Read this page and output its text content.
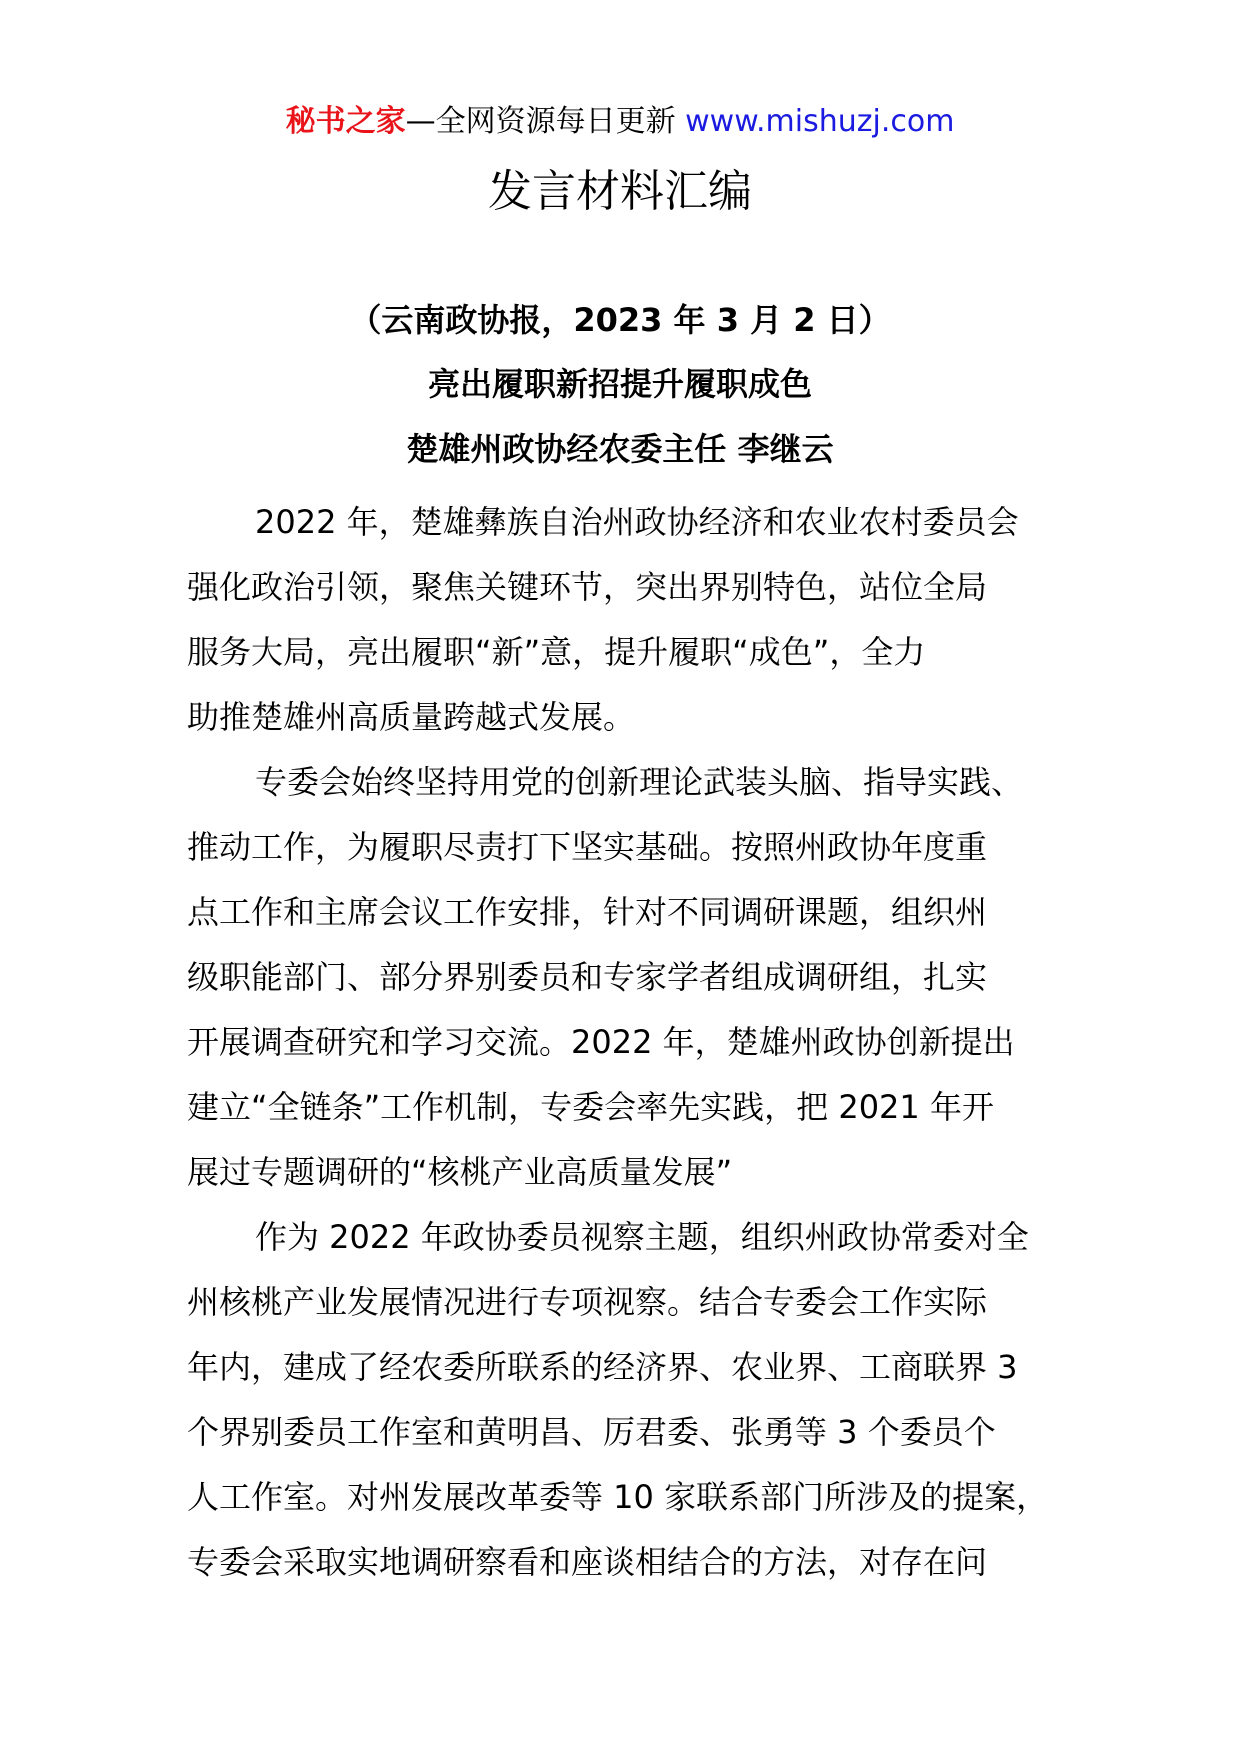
秘书之家—全网资源每日更新 www.mishuzj.com
发言材料汇编
（云南政协报，2023 年 3 月 2 日）
亮出履职新招提升履职成色
楚雄州政协经农委主任 李继云
2022 年，楚雄彝族自治州政协经济和农业农村委员会
强化政治引领，聚焦关键环节，突出界别特色，站位全局
服务大局，亮出履职“新”意，提升履职“成色”，全力
助推楚雄州高质量跨越式发展。
专委会始终坚持用党的创新理论武装头脑、指导实践、
推动工作，为履职尽责打下坚实基础。按照州政协年度重
点工作和主席会议工作安排，针对不同调研课题，组织州
级职能部门、部分界别委员和专家学者组成调研组，扎实
开展调查研究和学习交流。2022 年，楚雄州政协创新提出
建立“全链条”工作机制，专委会率先实践，把 2021 年开
展过专题调研的“核桃产业高质量发展”
作为 2022 年政协委员视察主题，组织州政协常委对全
州核桃产业发展情况进行专项视察。结合专委会工作实际
年内，建成了经农委所联系的经济界、农业界、工商联界 3
个界别委员工作室和黄明昌、厉君委、张勇等 3 个委员个
人工作室。对州发展改革委等 10 家联系部门所涉及的提案，
专委会采取实地调研察看和座谈相结合的方法，对存在问
